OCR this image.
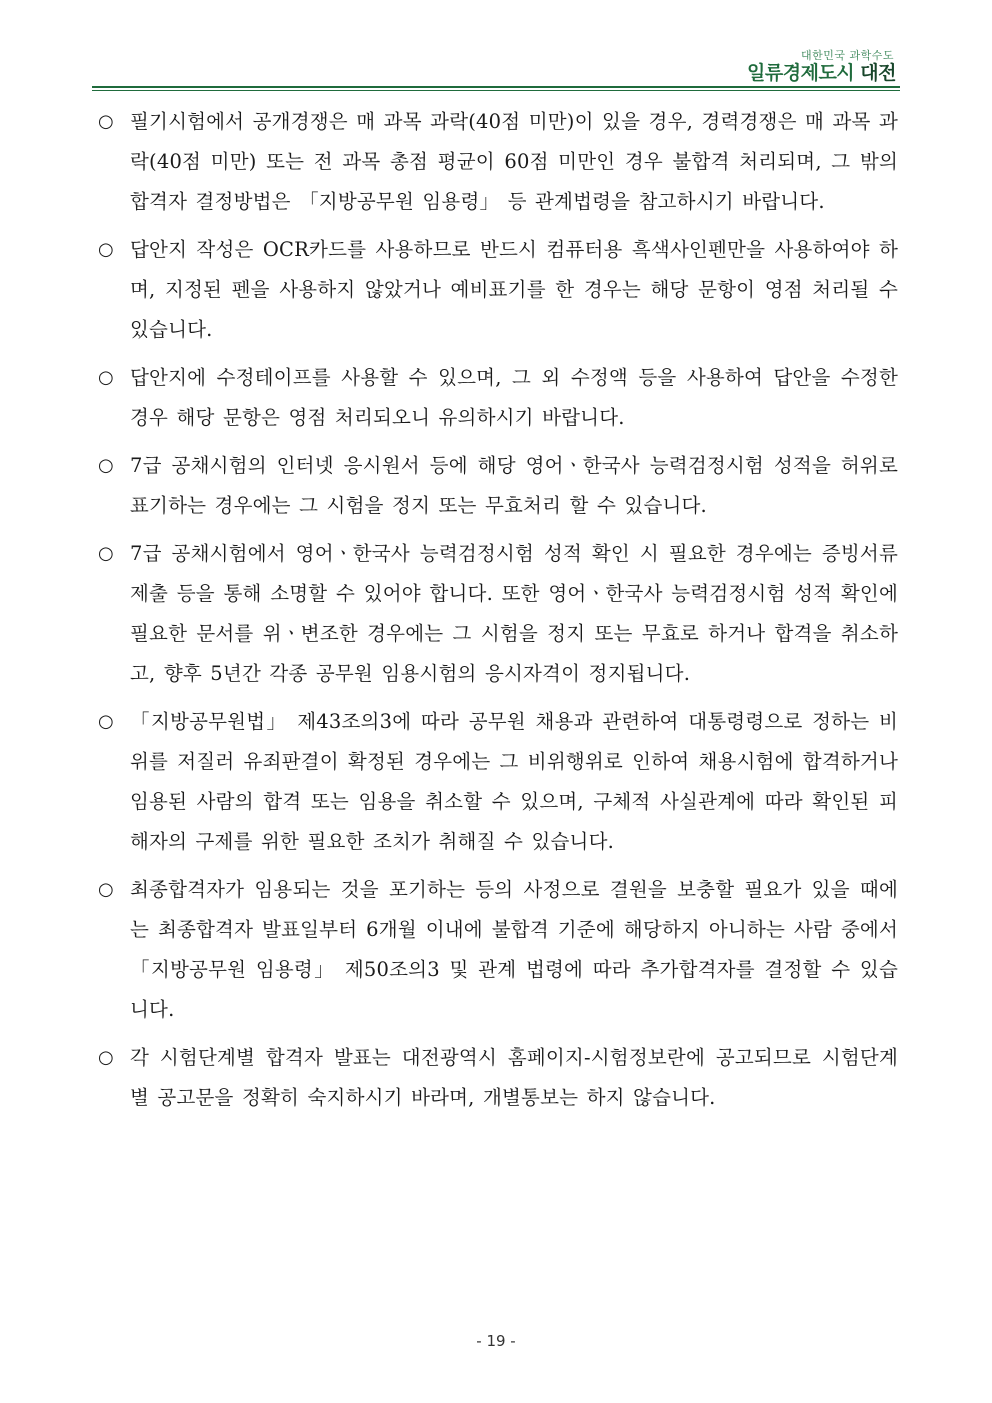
대한민국 과학수도
일류경제도시 대전
○ 필기시험에서 공개경쟁은 매 과목 과락(40점 미만)이 있을 경우, 경력경쟁은 매 과목 과락(40점 미만) 또는 전 과목 총점 평균이 60점 미만인 경우 불합격 처리되며, 그 밖의 합격자 결정방법은 「지방공무원 임용령」 등 관계법령을 참고하시기 바랍니다.
○ 답안지 작성은 OCR카드를 사용하므로 반드시 컴퓨터용 흑색사인펜만을 사용하여야 하며, 지정된 펜을 사용하지 않았거나 예비표기를 한 경우는 해당 문항이 영점 처리될 수 있습니다.
○ 답안지에 수정테이프를 사용할 수 있으며, 그 외 수정액 등을 사용하여 답안을 수정한 경우 해당 문항은 영점 처리되오니 유의하시기 바랍니다.
○ 7급 공채시험의 인터넷 응시원서 등에 해당 영어ㆍ한국사 능력검정시험 성적을 허위로 표기하는 경우에는 그 시험을 정지 또는 무효처리 할 수 있습니다.
○ 7급 공채시험에서 영어ㆍ한국사 능력검정시험 성적 확인 시 필요한 경우에는 증빙서류 제출 등을 통해 소명할 수 있어야 합니다. 또한 영어ㆍ한국사 능력검정시험 성적 확인에 필요한 문서를 위ㆍ변조한 경우에는 그 시험을 정지 또는 무효로 하거나 합격을 취소하고, 향후 5년간 각종 공무원 임용시험의 응시자격이 정지됩니다.
○ 「지방공무원법」 제43조의3에 따라 공무원 채용과 관련하여 대통령령으로 정하는 비위를 저질러 유죄판결이 확정된 경우에는 그 비위행위로 인하여 채용시험에 합격하거나 임용된 사람의 합격 또는 임용을 취소할 수 있으며, 구체적 사실관계에 따라 확인된 피해자의 구제를 위한 필요한 조치가 취해질 수 있습니다.
○ 최종합격자가 임용되는 것을 포기하는 등의 사정으로 결원을 보충할 필요가 있을 때에는 최종합격자 발표일부터 6개월 이내에 불합격 기준에 해당하지 아니하는 사람 중에서 「지방공무원 임용령」 제50조의3 및 관계 법령에 따라 추가합격자를 결정할 수 있습니다.
○ 각 시험단계별 합격자 발표는 대전광역시 홈페이지-시험정보란에 공고되므로 시험단계별 공고문을 정확히 숙지하시기 바라며, 개별통보는 하지 않습니다.
- 19 -
